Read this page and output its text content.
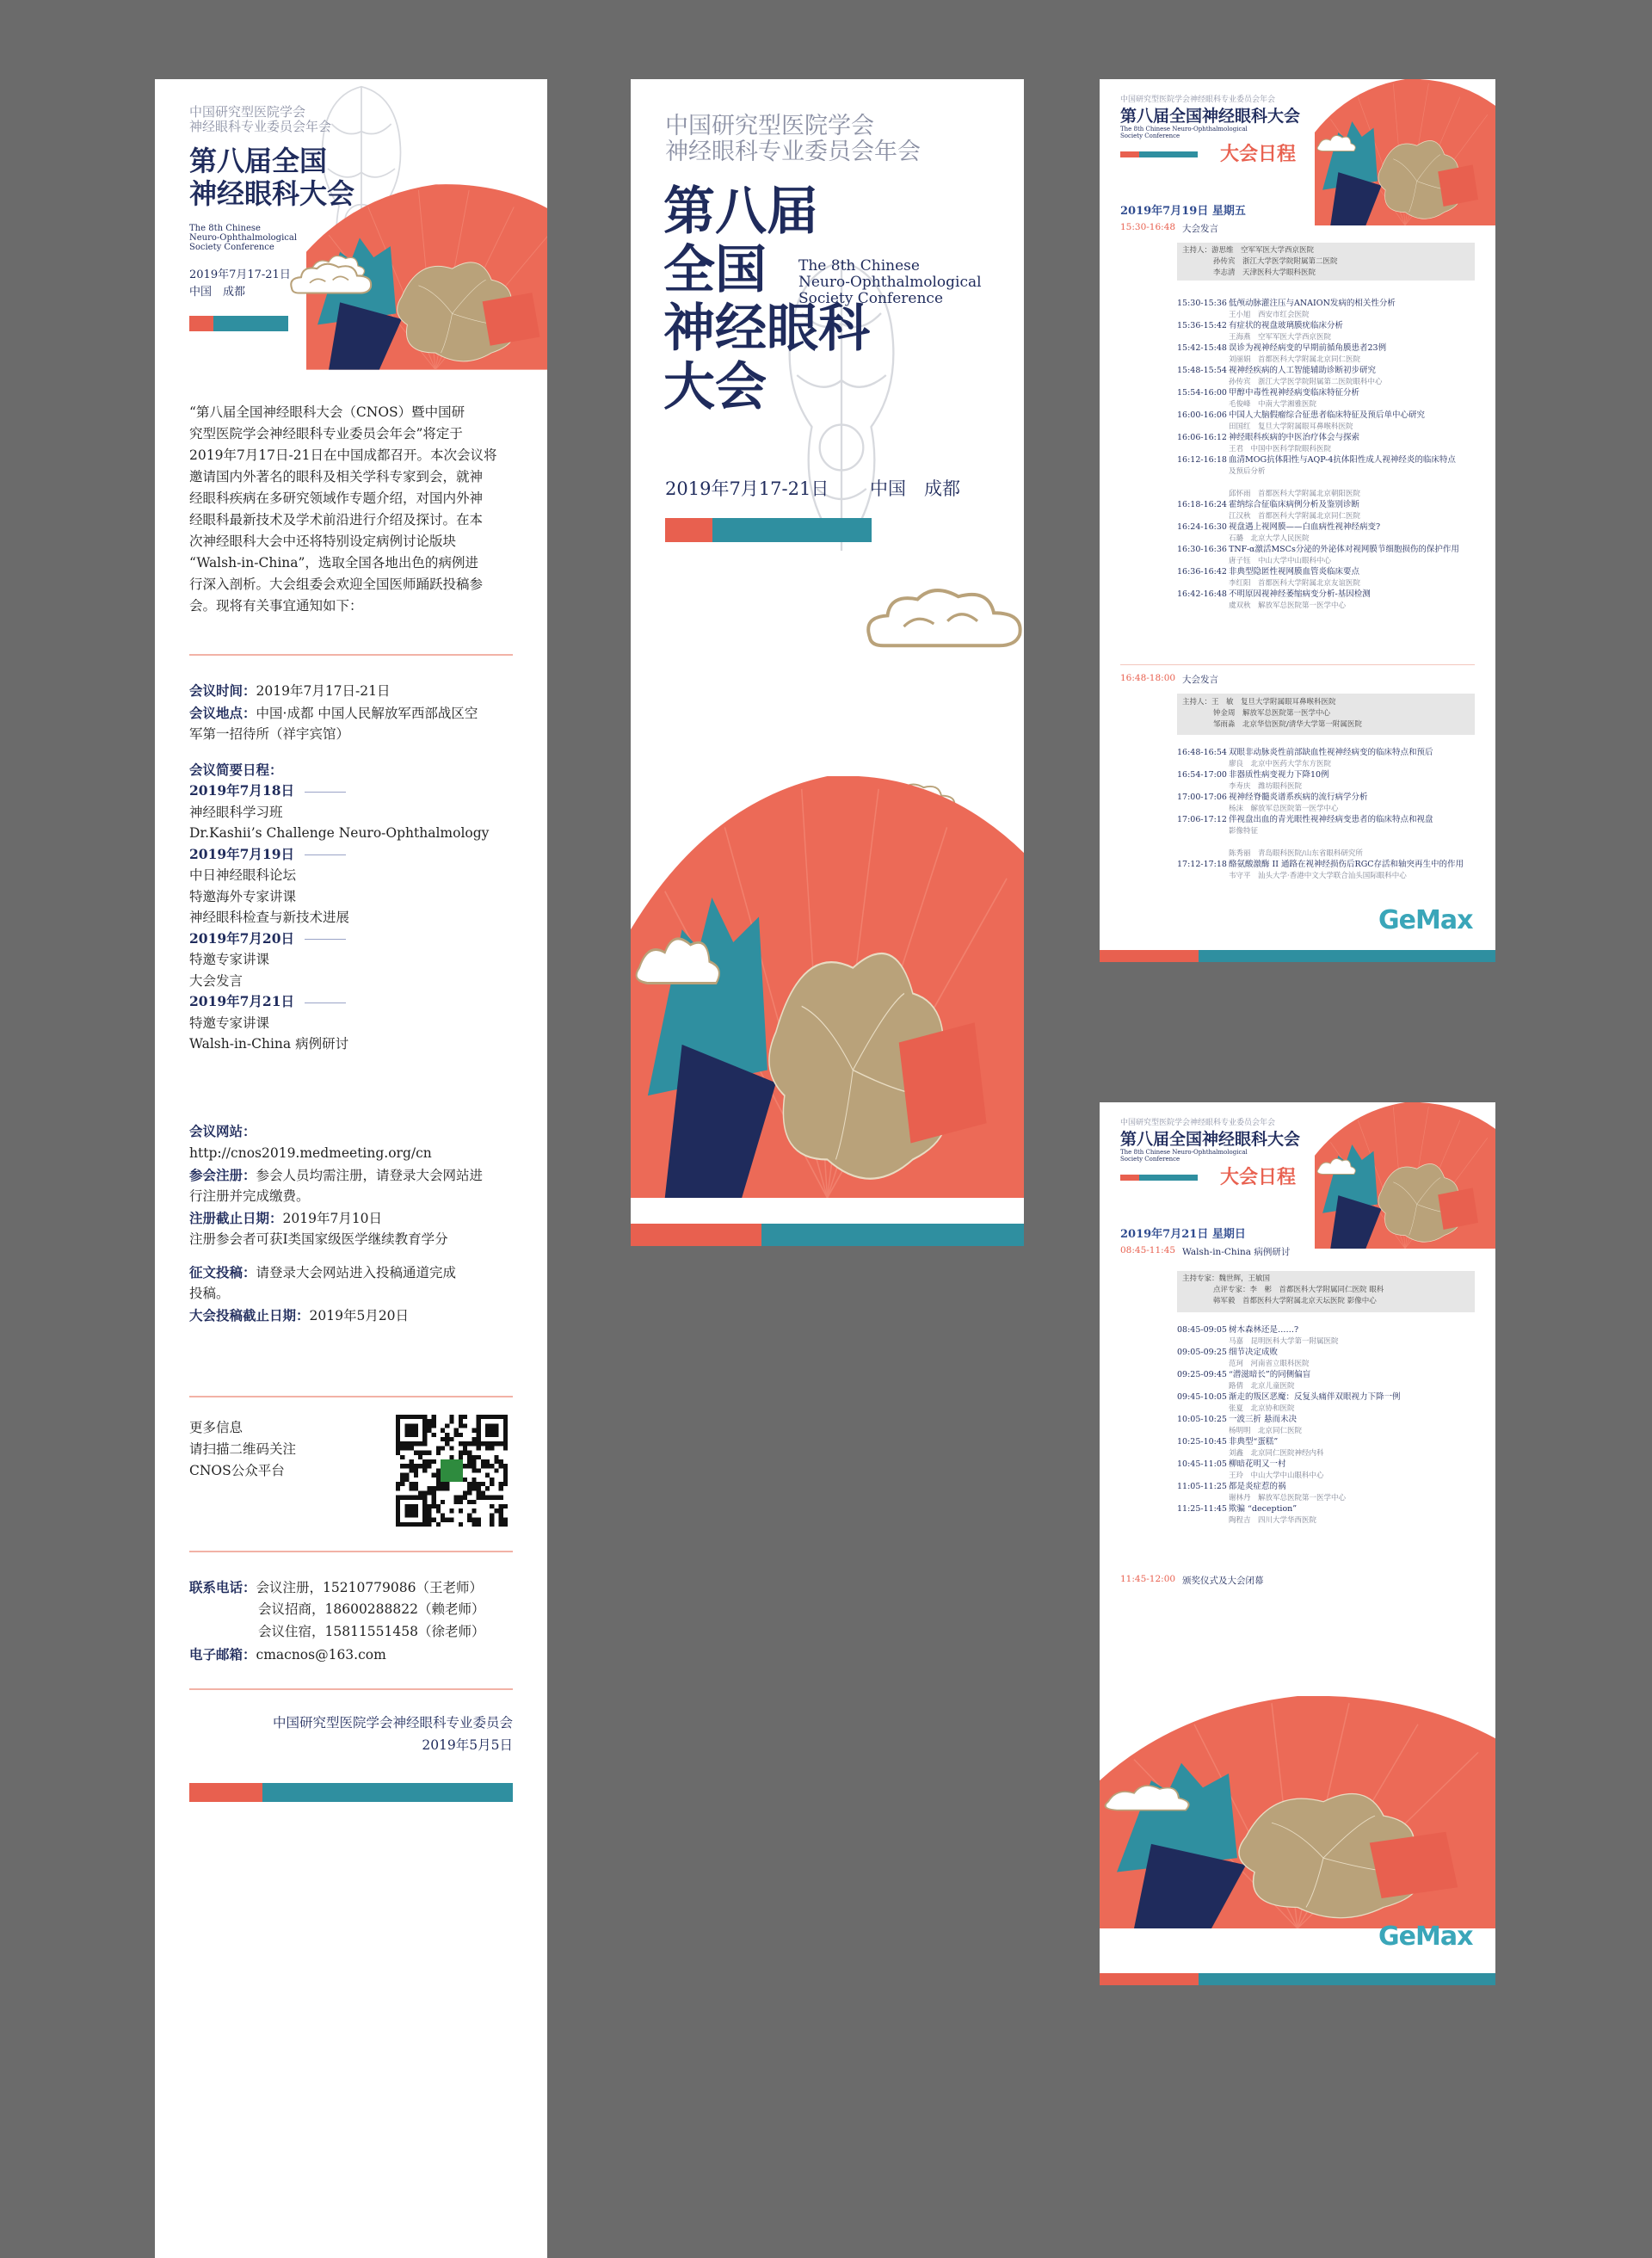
中国研究型医院学会
神经眼科专业委员会年会
第八届全国
神经眼科大会
The 8th Chinese
Neuro-Ophthalmological
Society Conference
2019年7月17-21日
中国　成都
“第八届全国神经眼科大会（CNOS）暨中国研
究型医院学会神经眼科专业委员会年会”将定于
2019年7月17日-21日在中国成都召开。本次会议将
邀请国内外著名的眼科及相关学科专家到会，就神
经眼科疾病在多研究领域作专题介绍，对国内外神
经眼科最新技术及学术前沿进行介绍及探讨。在本
次神经眼科大会中还将特别设定病例讨论版块
“Walsh-in-China”，选取全国各地出色的病例进
行深入剖析。大会组委会欢迎全国医师踊跃投稿参
会。现将有关事宜通知如下：
会议时间：2019年7月17日-21日
会议地点：中国·成都 中国人民解放军西部战区空
军第一招待所（祥宇宾馆）
会议简要日程：
2019年7月18日
神经眼科学习班
Dr.Kashii’s Challenge Neuro-Ophthalmology
2019年7月19日
中日神经眼科论坛
特邀海外专家讲课
神经眼科检查与新技术进展
2019年7月20日
特邀专家讲课
大会发言
2019年7月21日
特邀专家讲课
Walsh-in-China 病例研讨
会议网站：
http://cnos2019.medmeeting.org/cn
参会注册：参会人员均需注册，请登录大会网站进
行注册并完成缴费。
注册截止日期：2019年7月10日
注册参会者可获I类国家级医学继续教育学分
征文投稿：请登录大会网站进入投稿通道完成
投稿。
大会投稿截止日期：2019年5月20日
更多信息
请扫描二维码关注
CNOS公众平台
联系电话：会议注册，15210779086（王老师）
会议招商，18600288822（赖老师）
会议住宿，15811551458（徐老师）
电子邮箱：cmacnos@163.com
中国研究型医院学会神经眼科专业委员会
2019年5月5日
中国研究型医院学会
神经眼科专业委员会年会
第八届
全国
神经眼科
大会
The 8th Chinese
Neuro-Ophthalmological
Society Conference
2019年7月17-21日 中国　成都
中国研究型医院学会神经眼科专业委员会年会
第八届全国神经眼科大会
The 8th Chinese Neuro-Ophthalmological
Society Conference
大会日程
2019年7月19日 星期五
15:30-16:48 大会发言
主持人：游思维　空军军医大学西京医院
孙传宾　浙江大学医学院附属第二医院
李志清　天津医科大学眼科医院
15:30-15:36 低颅动脉灌注压与ANAION发病的相关性分析
王小旭　西安市红会医院
15:36-15:42 有症状的视盘玻璃膜疣临床分析
王海燕　空军军医大学西京医院
15:42-15:48 误诊为视神经病变的早期前循角膜患者23例
刘丽娟　首都医科大学附属北京同仁医院
15:48-15:54 视神经疾病的人工智能辅助诊断初步研究
孙传宾　浙江大学医学院附属第二医院眼科中心
15:54-16:00 甲醇中毒性视神经病变临床特征分析
毛俊峰　中南大学湘雅医院
16:00-16:06 中国人大脑假瘤综合征患者临床特征及预后单中心研究
田国红　复旦大学附属眼耳鼻喉科医院
16:06-16:12 神经眼科疾病的中医治疗体会与探索
王君　中国中医科学院眼科医院
16:12-16:18 血清MOG抗体阳性与AQP-4抗体阳性成人视神经炎的临床特点
及预后分析
邱怀雨　首都医科大学附属北京朝阳医院
16:18-16:24 霍纳综合征临床病例分析及鉴别诊断
江汉秋　首都医科大学附属北京同仁医院
16:24-16:30 视盘遇上视网膜——白血病性视神经病变?
石璐　北京大学人民医院
16:30-16:36 TNF-α激活MSCs分泌的外泌体对视网膜节细胞损伤的保护作用
唐子钰　中山大学中山眼科中心
16:36-16:42 非典型隐匿性视网膜血管炎临床要点
李红阳　首都医科大学附属北京友谊医院
16:42-16:48 不明原因视神经萎缩病变分析-基因检测
虞双秋　解放军总医院第一医学中心
16:48-18:00 大会发言
主持人：王　敏　复旦大学附属眼耳鼻喉科医院
钟金周　解放军总医院第一医学中心
邹雨淼　北京华信医院/清华大学第一附属医院
16:48-16:54 双眼非动脉炎性前部缺血性视神经病变的临床特点和预后
廖良　北京中医药大学东方医院
16:54-17:00 非器质性病变视力下降10例
李寿庆　潍坊眼科医院
17:00-17:06 视神经脊髓炎谱系疾病的流行病学分析
杨沫　解放军总医院第一医学中心
17:06-17:12 伴视盘出血的青光眼性视神经病变患者的临床特点和视盘
影像特征
陈秀丽　青岛眼科医院/山东省眼科研究所
17:12-17:18 酪氨酸激酶 II 通路在视神经损伤后RGC存活和轴突再生中的作用
韦守平　汕头大学·香港中文大学联合汕头国际眼科中心
GeMax
中国研究型医院学会神经眼科专业委员会年会
第八届全国神经眼科大会
The 8th Chinese Neuro-Ophthalmological
Society Conference
大会日程
2019年7月21日 星期日
08:45-11:45 Walsh-in-China 病例研讨
主持专家：魏世辉，王敏国
点评专家：李　彬　首都医科大学附属同仁医院 眼科
韩军毅　首都医科大学附属北京天坛医院 影像中心
08:45-09:05 树木森林还是……?
马嘉　昆明医科大学第一附属医院
09:05-09:25 细节决定成败
范珂　河南省立眼科医院
09:25-09:45 “潜滋暗长”的同侧偏盲
路倩　北京儿童医院
09:45-10:05 渐走的叛区恶魔：反复头痛伴双眼视力下降一例
张夏　北京协和医院
10:05-10:25 一波三折 悬而未决
杨明明　北京同仁医院
10:25-10:45 非典型“蛋糕”
刘鑫　北京同仁医院神经内科
10:45-11:05 柳暗花明又一村
王玲　中山大学中山眼科中心
11:05-11:25 都是炎症惹的祸
谢林丹　解放军总医院第一医学中心
11:25-11:45 欺骗 “deception”
陶程吉　四川大学华西医院
11:45-12:00 颁奖仪式及大会闭幕
GeMax
